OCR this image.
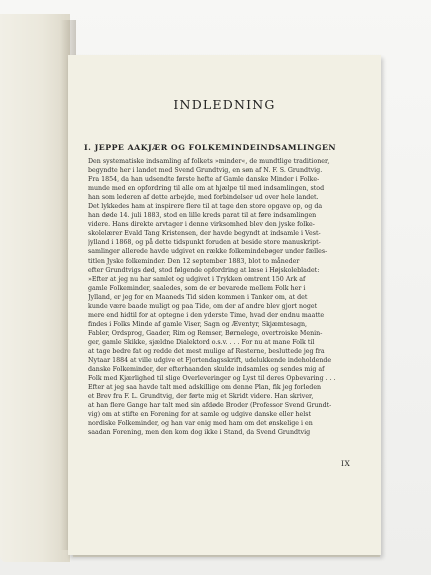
INDLEDNING
I. JEPPE AAKJÆR OG FOLKEMINDEINDSAMLINGEN
Den systematiske indsamling af folkets »minder«, de mundtlige traditioner,
begyndte her i landet med Svend Grundtvig, en søn af N. F. S. Grundtvig.
Fra 1854, da han udsendte første hefte af Gamle danske Minder i Folke-
munde med en opfordring til alle om at hjælpe til med indsamlingen, stod
han som lederen af dette arbejde, med forbindelser ud over hele landet.
Det lykkedes ham at inspirere flere til at tage den store opgave op, og da
han døde 14. juli 1883, stod en lille kreds parat til at føre indsamlingen
videre. Hans direkte arvtager i denne virksomhed blev den jyske folke-
skolelærer Evald Tang Kristensen, der havde begyndt at indsamle i Vest-
jylland i 1868, og på dette tidspunkt foruden at beside store manuskript-
samlinger allerede havde udgivet en række folkemindebøger under fælles-
titlen Jyske folkeminder. Den 12 september 1883, blot to måneder
efter Grundtvigs død, stod følgende opfordring at læse i Højskolebladet:
»Efter at jeg nu har samlet og udgivet i Trykken omtrent 150 Ark af
gamle Folkeminder, saaledes, som de er bevarede mellem Folk her i
Jylland, er jeg for en Maaneds Tid siden kommen i Tanker om, at det
kunde være baade muligt og paa Tide, om der af andre blev gjort noget
mere end hidtil for at optegne i den yderste Time, hvad der endnu maatte
findes i Folks Minde af gamle Viser, Sagn og Æventyr, Skjæmtesagn,
Fabler, Ordsprog, Gaader, Rim og Remser, Børnelege, overtroiske Menin-
ger, gamle Skikke, sjældne Dialektord o.s.v. . . . For nu at mane Folk til
at tage bedre fat og redde det mest mulige af Resterne, besluttede jeg fra
Nytaar 1884 at ville udgive et Fjortendagsskrift, udelukkende indeholdende
danske Folkeminder, der efterhaanden skulde indsamles og sendes mig af
Folk med Kjærlighed til slige Overleveringer og Lyst til deres Opbevaring . . .
Efter at jeg saa havde talt med adskillige om denne Plan, fik jeg forleden
et Brev fra F. L. Grundtvig, der førte mig et Skridt videre. Han skriver,
at han flere Gange har talt med sin afdøde Broder (Professor Svend Grundt-
vig) om at stifte en Forening for at samle og udgive danske eller helst
nordiske Folkeminder, og han var enig med ham om det ønskelige i en
saadan Forening, men den kom dog ikke i Stand, da Svend Grundtvig
IX
